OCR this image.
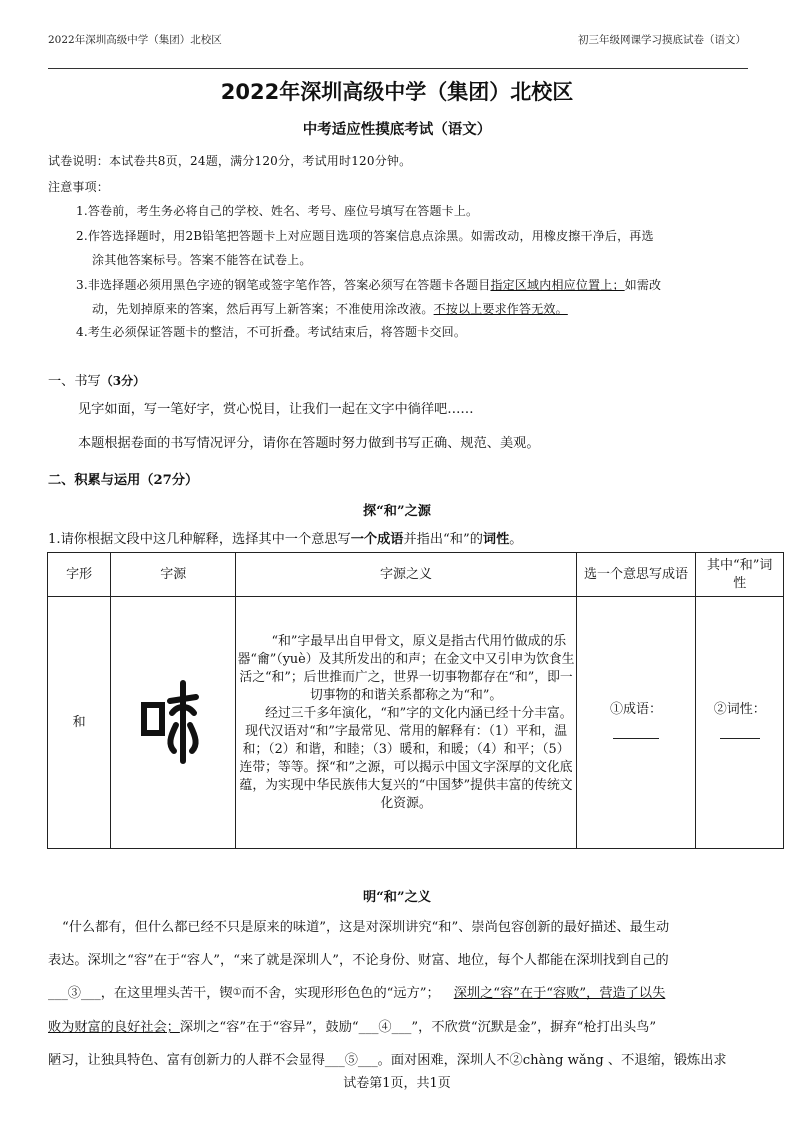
2022年深圳高级中学（集团）北校区	初三年级网课学习摸底试卷（语文）
2022年深圳高级中学（集团）北校区
中考适应性摸底考试（语文）
试卷说明：本试卷共8页，24题，满分120分，考试用时120分钟。
注意事项：
1.答卷前，考生务必将自己的学校、姓名、考号、座位号填写在答题卡上。
2.作答选择题时，用2B铅笔把答题卡上对应题目选项的答案信息点涂黑。如需改动，用橡皮擦干净后，再选
涂其他答案标号。答案不能答在试卷上。
3.非选择题必须用黑色字迹的钢笔或签字笔作答，答案必须写在答题卡各题目指定区域内相应位置上；如需改
动，先划掉原来的答案，然后再写上新答案；不准使用涂改液。不按以上要求作答无效。
4.考生必须保证答题卡的整洁，不可折叠。考试结束后，将答题卡交回。
一、书写（3分）
见字如面，写一笔好字，赏心悦目，让我们一起在文字中徜徉吧……
本题根据卷面的书写情况评分，请你在答题时努力做到书写正确、规范、美观。
二、积累与运用（27分）
探“和”之源
1.请你根据文段中这几种解释，选择其中一个意思写一个成语并指出“和”的词性。
字形	字源	字源之义	选一个意思写成语	其中“和”词性
和		“和”字最早出自甲骨文，原义是指古代用竹做成的乐器“龠”（yuè）及其所发出的和声；在金文中又引申为饮食生活之“和”；后世推而广之，世界一切事物都存在“和”，即一切事物的和谐关系都称之为“和”。

经过三千多年演化，“和”字的文化内涵已经十分丰富。现代汉语对“和”字最常见、常用的解释有：（1）平和，温和；（2）和谐，和睦；（3）暖和，和暖；（4）和平；（5）连带；等等。探“和”之源，可以揭示中国文字深厚的文化底蕴，为实现中华民族伟大复兴的“中国梦”提供丰富的传统文化资源。	①成语：	②词性：
明“和”之义
“什么都有，但什么都已经不只是原来的味道”，这是对深圳讲究“和”、崇尚包容创新的最好描述、最生动
表达。深圳之“容”在于“容人”，“来了就是深圳人”，不论身份、财富、地位，每个人都能在深圳找到自己的
___③___，在这里埋头苦干，锲①而不舍，实现形形色色的“远方”； 深圳之“容”在于“容败”，营造了以失
败为财富的良好社会；深圳之“容”在于“容异”，鼓励“___④___”，不欣赏“沉默是金”，摒弃“枪打出头鸟”
陋习，让独具特色、富有创新力的人群不会显得___⑤___。面对困难，深圳人不②chàng wǎng 、不退缩，锻炼出求
试卷第1页，共1页
